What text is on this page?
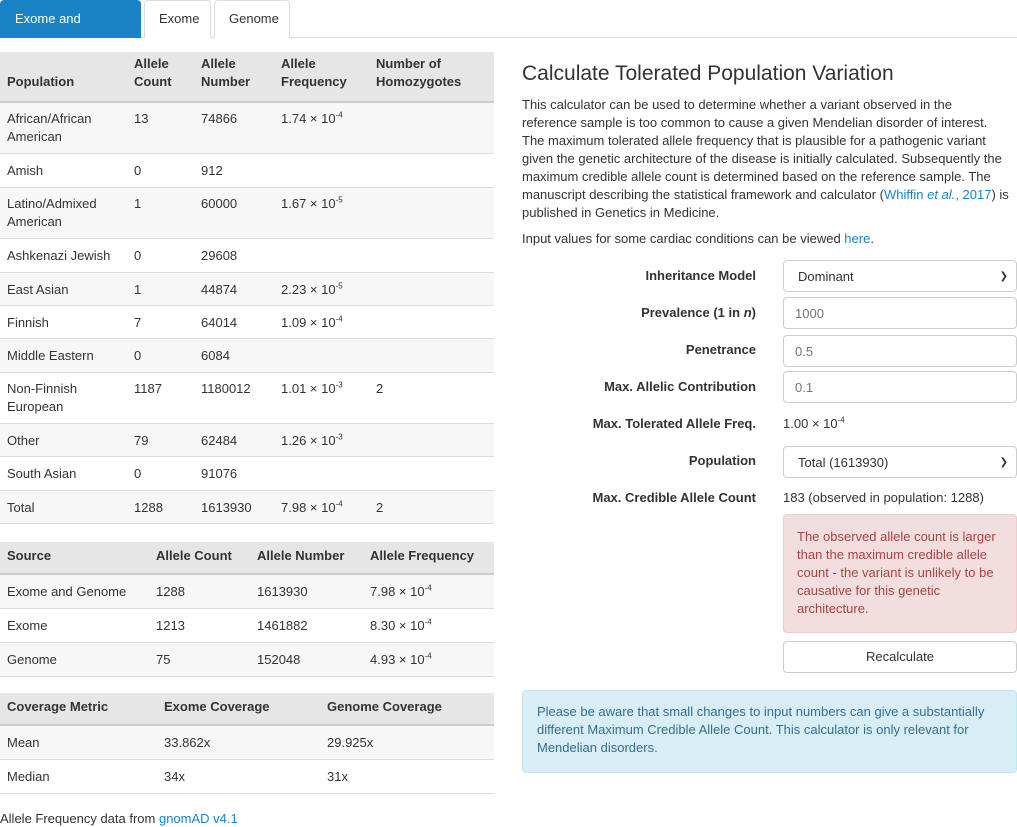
Exome and genome
Exome	Genome
Population	Allele Count	Allele Number	Allele Frequency	Number of Homozygotes
African/African American	13	74866	$1.74 \times 10^{-4}$	
Amish	0	912		
Latino/Admixed American	1	60000	$1.67 \times 10^{-5}$	
Ashkenazi Jewish	0	29608		
East Asian	1	44874	$2.23 \times 10^{-5}$	
Finnish	7	64014	$1.09 \times 10^{-4}$	
Middle Eastern	0	6084		
Non-Finnish European	1187	1180012	$1.01 \times 10^{-3}$	2
Other	79	62484	$1.26 \times 10^{-3}$	
South Asian	0	91076		
Total	1288	1613930	$7.98 \times 10^{-4}$	2
Source	Allele Count	Allele Number	Allele Frequency
Exome and Genome	1288	1613930	$7.98 \times 10^{-4}$
Exome	1213	1461882	$8.30 \times 10^{-4}$
Genome	75	152048	$4.93 \times 10^{-4}$
Coverage Metric	Exome Coverage	Genome Coverage
Mean	33.862x	29.925x
Median	34x	31x
Allele Frequency data from gnomAD v4.1
Calculate Tolerated Population Variation

This calculator can be used to determine whether a variant observed in the reference sample is too common to cause a given Mendelian disorder of interest. The maximum tolerated allele frequency that is plausible for a pathogenic variant given the genetic architecture of the disease is initially calculated. Subsequently the maximum credible allele count is determined based on the reference sample. The manuscript describing the statistical framework and calculator (Whiffin et al., 2017) is published in Genetics in Medicine.

Input values for some cardiac conditions can be viewed here.

Inheritance Model	Dominant	❯
Prevalence (1 in n)
1000
Penetrance
0.5
Max. Allelic Contribution
0.1
Max. Tolerated Allele Freq. $1.00 \times 10^{-4}$
Population	Total (1613930)	❯
Max. Credible Allele Count 183 (observed in population: 1288)
The observed allele count is larger than the maximum credible allele count - the variant is unlikely to be causative for this genetic architecture.
Recalculate
Please be aware that small changes to input numbers can give a substantially different Maximum Credible Allele Count. This calculator is only relevant for Mendelian disorders.
